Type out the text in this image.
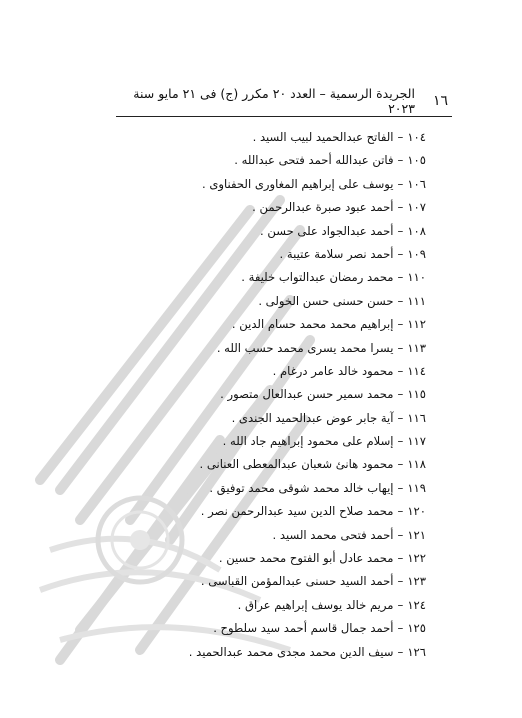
١٦
الجريدة الرسمية – العدد ٢٠ مكرر (ج) فى ٢١ مايو سنة ٢٠٢٣
١٠٤–الفاتح عبدالحميد لبيب السيد .
١٠٥–فاتن عبدالله أحمد فتحى عبدالله .
١٠٦–يوسف على إبراهيم المغاورى الحفناوى .
١٠٧–أحمد عبود صبرة عبدالرحمن .
١٠٨–أحمد عبدالجواد على حسن .
١٠٩–أحمد نصر سلامة عتيبة .
١١٠–محمد رمضان عبدالتواب خليفة .
١١١–حسن حسنى حسن الخولى .
١١٢–إبراهيم محمد محمد حسام الدين .
١١٣–يسرا محمد يسرى محمد حسب الله .
١١٤–محمود خالد عامر درغام .
١١٥–محمد سمير حسن عبدالعال متصور .
١١٦–آية جابر عوض عبدالحميد الجندى .
١١٧–إسلام على محمود إبراهيم جاد الله .
١١٨–محمود هانئ شعبان عبدالمعطى العنانى .
١١٩–إيهاب خالد محمد شوقى محمد توفيق .
١٢٠–محمد صلاح الدين سيد عبدالرحمن نصر .
١٢١–أحمد فتحى محمد السيد .
١٢٢–محمد عادل أبو الفتوح محمد حسين .
١٢٣–أحمد السيد حسنى عبدالمؤمن القباسى .
١٢٤–مريم خالد يوسف إبراهيم عراق .
١٢٥–أحمد جمال قاسم أحمد سيد سلطوح .
١٢٦–سيف الدين محمد مجدى محمد عبدالحميد .
